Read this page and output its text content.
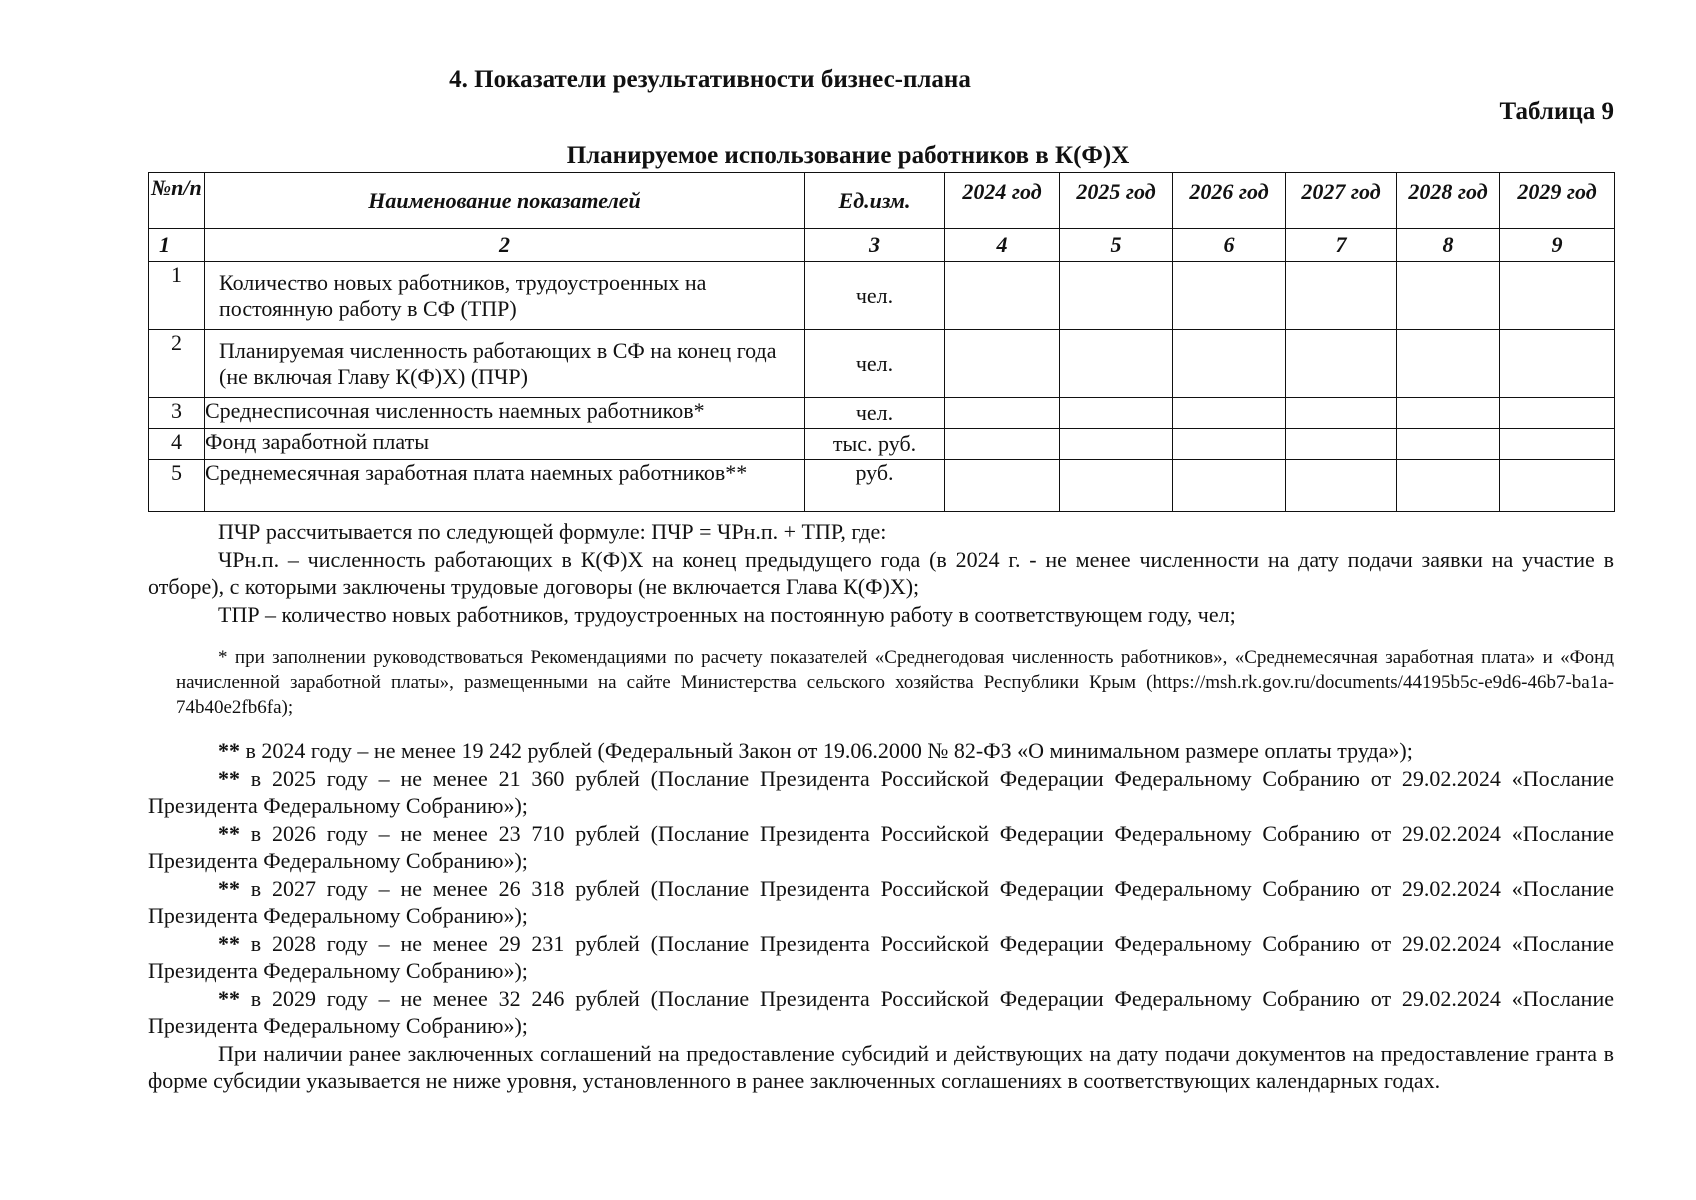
4. Показатели результативности бизнес-плана
Таблица 9
Планируемое использование работников в К(Ф)Х
№п/п	Наименование показателей	Ед.изм.	2024 год	2025 год	2026 год	2027 год	2028 год	2029 год
1	2	3	4	5	6	7	8	9
1	Количество новых работников, трудоустроенных на постоянную работу в СФ (ТПР)	чел.						
2	Планируемая численность работающих в СФ на конец года (не включая Главу К(Ф)Х) (ПЧР)	чел.						
3	Среднесписочная численность наемных работников*	чел.						
4	Фонд заработной платы	тыс. руб.						
5	Среднемесячная заработная плата наемных работников**	руб.						

ПЧР рассчитывается по следующей формуле: ПЧР = ЧРн.п. + ТПР, где:

ЧРн.п. – численность работающих в К(Ф)Х на конец предыдущего года (в 2024 г. - не менее численности на дату подачи заявки на участие в отборе), с которыми заключены трудовые договоры (не включается Глава К(Ф)Х);

ТПР – количество новых работников, трудоустроенных на постоянную работу в соответствующем году, чел;

* при заполнении руководствоваться Рекомендациями по расчету показателей «Среднегодовая численность работников», «Среднемесячная заработная плата» и «Фонд начисленной заработной платы», размещенными на сайте Министерства сельского хозяйства Республики Крым (https://msh.rk.gov.ru/documents/44195b5c-e9d6-46b7-ba1a-74b40e2fb6fa);

** в 2024 году – не менее 19 242 рублей (Федеральный Закон от 19.06.2000 № 82-ФЗ «О минимальном размере оплаты труда»);

** в 2025 году – не менее 21 360 рублей (Послание Президента Российской Федерации Федеральному Собранию от 29.02.2024 «Послание Президента Федеральному Собранию»);

** в 2026 году – не менее 23 710 рублей (Послание Президента Российской Федерации Федеральному Собранию от 29.02.2024 «Послание Президента Федеральному Собранию»);

** в 2027 году – не менее 26 318 рублей (Послание Президента Российской Федерации Федеральному Собранию от 29.02.2024 «Послание Президента Федеральному Собранию»);

** в 2028 году – не менее 29 231 рублей (Послание Президента Российской Федерации Федеральному Собранию от 29.02.2024 «Послание Президента Федеральному Собранию»);

** в 2029 году – не менее 32 246 рублей (Послание Президента Российской Федерации Федеральному Собранию от 29.02.2024 «Послание Президента Федеральному Собранию»);

При наличии ранее заключенных соглашений на предоставление субсидий и действующих на дату подачи документов на предоставление гранта в форме субсидии указывается не ниже уровня, установленного в ранее заключенных соглашениях в соответствующих календарных годах.
